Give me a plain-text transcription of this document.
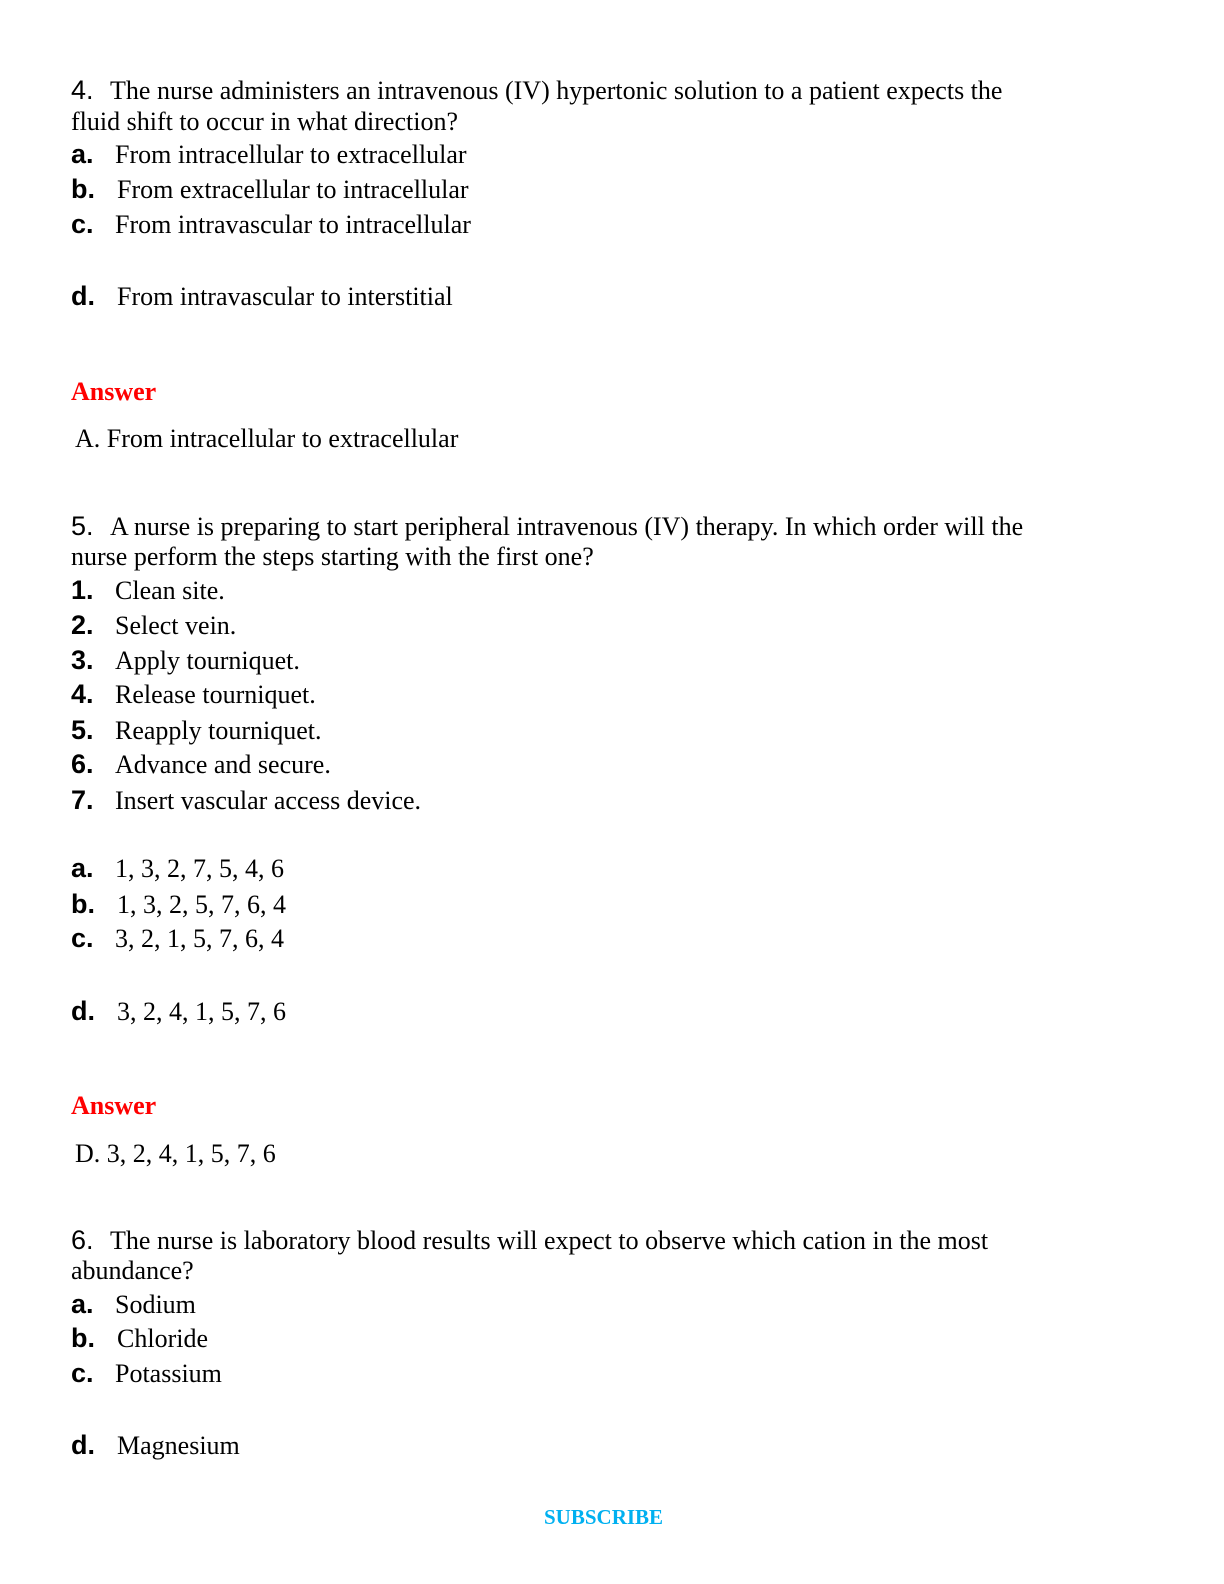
4. The nurse administers an intravenous (IV) hypertonic solution to a patient expects the
fluid shift to occur in what direction?
a. From intracellular to extracellular
b. From extracellular to intracellular
c. From intravascular to intracellular
d. From intravascular to interstitial
Answer
A. From intracellular to extracellular
5. A nurse is preparing to start peripheral intravenous (IV) therapy. In which order will the
nurse perform the steps starting with the first one?
1. Clean site.
2. Select vein.
3. Apply tourniquet.
4. Release tourniquet.
5. Reapply tourniquet.
6. Advance and secure.
7. Insert vascular access device.
a. 1, 3, 2, 7, 5, 4, 6
b. 1, 3, 2, 5, 7, 6, 4
c. 3, 2, 1, 5, 7, 6, 4
d. 3, 2, 4, 1, 5, 7, 6
Answer
D. 3, 2, 4, 1, 5, 7, 6
6. The nurse is laboratory blood results will expect to observe which cation in the most
abundance?
a. Sodium
b. Chloride
c. Potassium
d. Magnesium
SUBSCRIBE
